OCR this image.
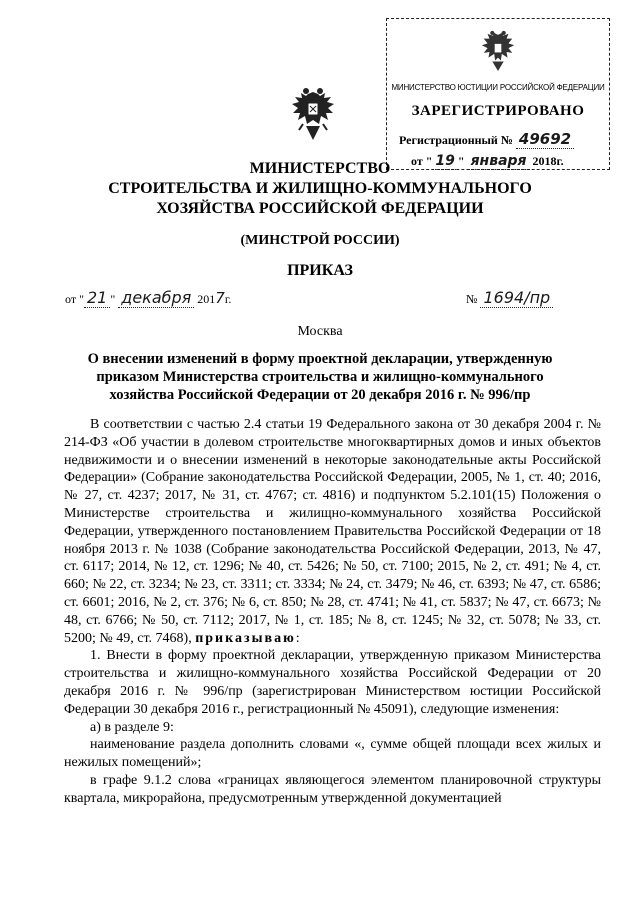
МИНИСТЕРСТВО ЮСТИЦИИ РОССИЙСКОЙ ФЕДЕРАЦИИ
ЗАРЕГИСТРИРОВАНО
Регистрационный № 49692
от " 19 " января 2018г.
МИНИСТЕРСТВО
СТРОИТЕЛЬСТВА И ЖИЛИЩНО-КОММУНАЛЬНОГО
ХОЗЯЙСТВА РОССИЙСКОЙ ФЕДЕРАЦИИ
(МИНСТРОЙ РОССИИ)
ПРИКАЗ
от " 21 " декабря 2017г.	№ 1694/пр
Москва
О внесении изменений в форму проектной декларации, утвержденную
приказом Министерства строительства и жилищно-коммунального
хозяйства Российской Федерации от 20 декабря 2016 г. № 996/пр

В соответствии с частью 2.4 статьи 19 Федерального закона от 30 декабря 2004 г. № 214-ФЗ «Об участии в долевом строительстве многоквартирных домов и иных объектов недвижимости и о внесении изменений в некоторые законодательные акты Российской Федерации» (Собрание законодательства Российской Федерации, 2005, № 1, ст. 40; 2016, № 27, ст. 4237; 2017, № 31, ст. 4767; ст. 4816) и подпунктом 5.2.101(15) Положения о Министерстве строительства и жилищно-коммунального хозяйства Российской Федерации, утвержденного постановлением Правительства Российской Федерации от 18 ноября 2013 г. № 1038 (Собрание законодательства Российской Федерации, 2013, № 47, ст. 6117; 2014, № 12, ст. 1296; № 40, ст. 5426; № 50, ст. 7100; 2015, № 2, ст. 491; № 4, ст. 660; № 22, ст. 3234; № 23, ст. 3311; ст. 3334; № 24, ст. 3479; № 46, ст. 6393; № 47, ст. 6586; ст. 6601; 2016, № 2, ст. 376; № 6, ст. 850; № 28, ст. 4741; № 41, ст. 5837; № 47, ст. 6673; № 48, ст. 6766; № 50, ст. 7112; 2017, № 1, ст. 185; № 8, ст. 1245; № 32, ст. 5078; № 33, ст. 5200; № 49, ст. 7468), приказываю:

1. Внести в форму проектной декларации, утвержденную приказом Министерства строительства и жилищно-коммунального хозяйства Российской Федерации от 20 декабря 2016 г. № 996/пр (зарегистрирован Министерством юстиции Российской Федерации 30 декабря 2016 г., регистрационный № 45091), следующие изменения:

а) в разделе 9:

наименование раздела дополнить словами «, сумме общей площади всех жилых и нежилых помещений»;

в графе 9.1.2 слова «границах являющегося элементом планировочной структуры квартала, микрорайона, предусмотренным утвержденной документацией
